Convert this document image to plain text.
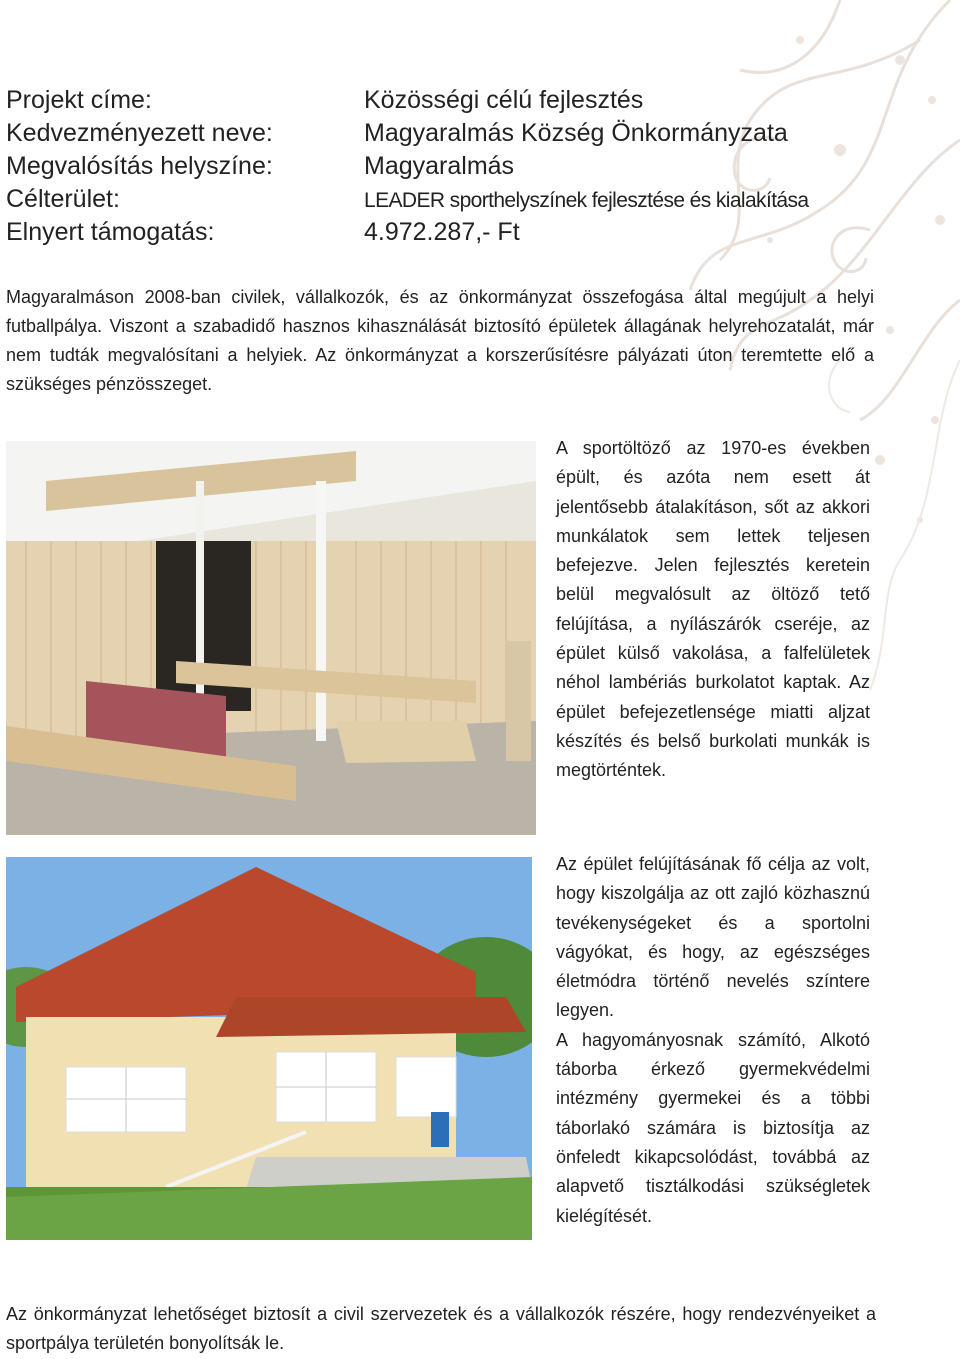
Projekt címe:	Közösségi célú fejlesztés
Kedvezményezett neve:	Magyaralmás Község Önkormányzata
Megvalósítás helyszíne:	Magyaralmás
Célterület:	LEADER sporthelyszínek fejlesztése és kialakítása
Elnyert támogatás:	4.972.287,- Ft

Magyaralmáson 2008-ban civilek, vállalkozók, és az önkormányzat összefogása által megújult a helyi futballpálya. Viszont a szabadidő hasznos kihasználását biztosító épületek állagának helyrehozatalát, már nem tudták megvalósítani a helyiek. Az önkormányzat a korszerűsítésre pályázati úton teremtette elő a szükséges pénzösszeget.

A sportöltöző az 1970-es években épült, és azóta nem esett át jelentősebb átalakításon, sőt az akkori munkálatok sem lettek teljesen befejezve. Jelen fejlesztés keretein belül megvalósult az öltöző tető felújítása, a nyílászárók cseréje, az épület külső vakolása, a falfelületek néhol lambériás burkolatot kaptak. Az épület befejezetlensége miatti aljzat készítés és belső burkolati munkák is megtörténtek.

Az épület felújításának fő célja az volt, hogy kiszolgálja az ott zajló közhasznú tevékenységeket és a sportolni vágyókat, és hogy, az egészséges életmódra történő nevelés színtere legyen.
A hagyományosnak számító, Alkotó táborba érkező gyermekvédelmi intézmény gyermekei és a többi táborlakó számára is biztosítja az önfeledt kikapcsolódást, továbbá az alapvető tisztálkodási szükségletek kielégítését.

Az önkormányzat lehetőséget biztosít a civil szervezetek és a vállalkozók részére, hogy rendezvényeiket a sportpálya területén bonyolítsák le.
